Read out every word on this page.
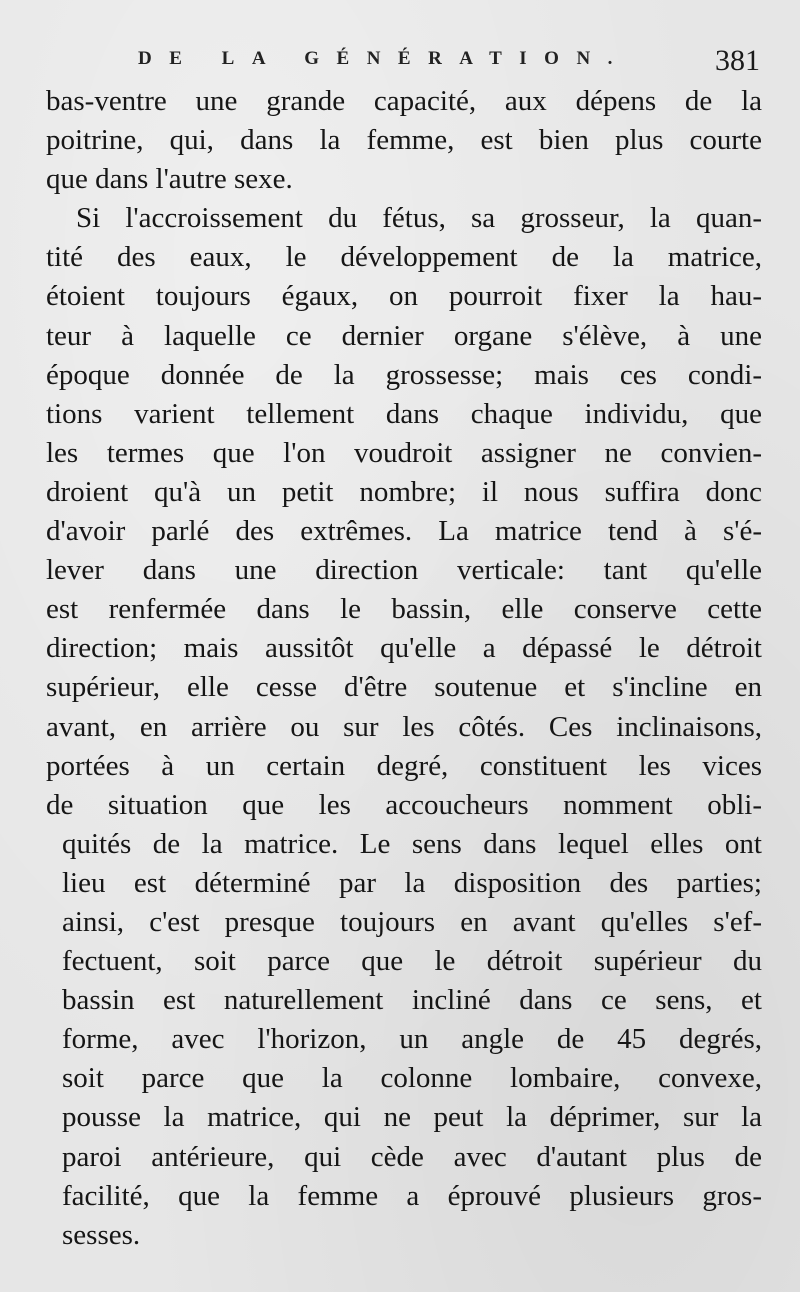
DE LA GÉNÉRATION.	381
bas-ventre une grande capacité, aux dépens de la
poitrine, qui, dans la femme, est bien plus courte
que dans l'autre sexe.
Si l'accroissement du fétus, sa grosseur, la quan-
tité des eaux, le développement de la matrice,
étoient toujours égaux, on pourroit fixer la hau-
teur à laquelle ce dernier organe s'élève, à une
époque donnée de la grossesse; mais ces condi-
tions varient tellement dans chaque individu, que
les termes que l'on voudroit assigner ne convien-
droient qu'à un petit nombre; il nous suffira donc
d'avoir parlé des extrêmes. La matrice tend à s'é-
lever dans une direction verticale: tant qu'elle
est renfermée dans le bassin, elle conserve cette
direction; mais aussitôt qu'elle a dépassé le détroit
supérieur, elle cesse d'être soutenue et s'incline en
avant, en arrière ou sur les côtés. Ces inclinaisons,
portées à un certain degré, constituent les vices
de situation que les accoucheurs nomment obli-
quités de la matrice. Le sens dans lequel elles ont
lieu est déterminé par la disposition des parties;
ainsi, c'est presque toujours en avant qu'elles s'ef-
fectuent, soit parce que le détroit supérieur du
bassin est naturellement incliné dans ce sens, et
forme, avec l'horizon, un angle de 45 degrés,
soit parce que la colonne lombaire, convexe,
pousse la matrice, qui ne peut la déprimer, sur la
paroi antérieure, qui cède avec d'autant plus de
facilité, que la femme a éprouvé plusieurs gros-
sesses.
